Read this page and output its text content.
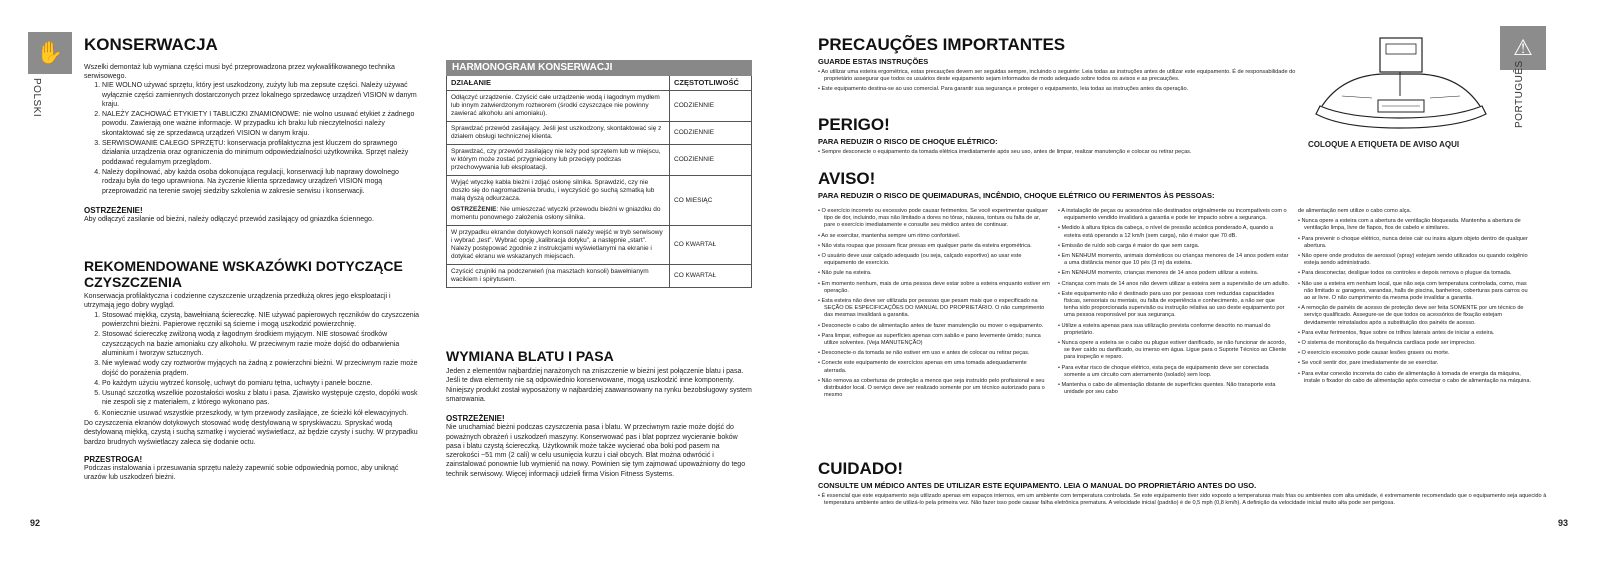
✋
POLSKI
KONSERWACJA

Wszelki demontaż lub wymiana części musi być przeprowadzona przez wykwalifikowanego technika serwisowego.

1. NIE WOLNO używać sprzętu, który jest uszkodzony, zużyty lub ma zepsute części. Należy używać wyłącznie części zamiennych dostarczonych przez lokalnego sprzedawcę urządzeń VISION w danym kraju.
2. NALEŻY ZACHOWAĆ ETYKIETY I TABLICZKI ZNAMIONOWE: nie wolno usuwać etykiet z żadnego powodu. Zawierają one ważne informacje. W przypadku ich braku lub nieczytelności należy skontaktować się ze sprzedawcą urządzeń VISION w danym kraju.
3. SERWISOWANIE CAŁEGO SPRZĘTU: konserwacja profilaktyczna jest kluczem do sprawnego działania urządzenia oraz ograniczenia do minimum odpowiedzialności użytkownika. Sprzęt należy poddawać regularnym przeglądom.
4. Należy dopilnować, aby każda osoba dokonująca regulacji, konserwacji lub naprawy dowolnego rodzaju była do tego uprawniona. Na życzenie klienta sprzedawcy urządzeń VISION mogą przeprowadzić na terenie swojej siedziby szkolenia w zakresie serwisu i konserwacji.
OSTRZEŻENIE!

Aby odłączyć zasilanie od bieżni, należy odłączyć przewód zasilający od gniazdka ściennego.

REKOMENDOWANE WSKAZÓWKI DOTYCZĄCE CZYSZCZENIA

Konserwacja profilaktyczna i codzienne czyszczenie urządzenia przedłużą okres jego eksploatacji i utrzymają jego dobry wygląd.

1. Stosować miękką, czystą, bawełnianą ściereczkę. NIE używać papierowych ręczników do czyszczenia powierzchni bieżni. Papierowe ręczniki są ścierne i mogą uszkodzić powierzchnię.
2. Stosować ściereczkę zwilżoną wodą z łagodnym środkiem myjącym. NIE stosować środków czyszczących na bazie amoniaku czy alkoholu. W przeciwnym razie może dojść do odbarwienia aluminium i tworzyw sztucznych.
3. Nie wylewać wody czy roztworów myjących na żadną z powierzchni bieżni. W przeciwnym razie może dojść do porażenia prądem.
4. Po każdym użyciu wytrzeć konsolę, uchwyt do pomiaru tętna, uchwyty i panele boczne.
5. Usunąć szczotką wszelkie pozostałości wosku z blatu i pasa. Zjawisko występuje często, dopóki wosk nie zespoli się z materiałem, z którego wykonano pas.
6. Koniecznie usuwać wszystkie przeszkody, w tym przewody zasilające, ze ścieżki kół elewacyjnych.

Do czyszczenia ekranów dotykowych stosować wodę destylowaną w spryskiwaczu. Spryskać wodą destylowaną miękką, czystą i suchą szmatkę i wycierać wyświetlacz, aż będzie czysty i suchy. W przypadku bardzo brudnych wyświetlaczy zaleca się dodanie octu.

PRZESTROGA!

Podczas instalowania i przesuwania sprzętu należy zapewnić sobie odpowiednią pomoc, aby uniknąć urazów lub uszkodzeń bieżni.

HARMONOGRAM KONSERWACJI	
DZIAŁANIE	CZĘSTOTLIWOŚĆ
Odłączyć urządzenie. Czyścić całe urządzenie wodą i łagodnym mydłem lub innym zatwierdzonym roztworem (środki czyszczące nie powinny zawierać alkoholu ani amoniaku).	CODZIENNIE
Sprawdzać przewód zasilający. Jeśli jest uszkodzony, skontaktować się z działem obsługi technicznej klienta.	CODZIENNIE
Sprawdzać, czy przewód zasilający nie leży pod sprzętem lub w miejscu, w którym może zostać przygnieciony lub przecięty podczas przechowywania lub eksploatacji.	CODZIENNIE

Wyjąć wtyczkę kabla bieżni i zdjąć osłonę silnika. Sprawdzić, czy nie doszło się do nagromadzenia brudu, i wyczyścić go suchą szmatką lub małą dyszą odkurzacza.
OSTRZEŻENIE: Nie umieszczać wtyczki przewodu bieżni w gniazdku do momentu ponownego założenia osłony silnika.	CO MIESIĄC
W przypadku ekranów dotykowych konsoli należy wejść w tryb serwisowy i wybrać „test”. Wybrać opcję „kalibracja dotyku”, a następnie „start”. Należy postępować zgodnie z instrukcjami wyświetlanymi na ekranie i dotykać ekranu we wskazanych miejscach.	CO KWARTAŁ
Czyścić czujniki na podczerwień (na masztach konsoli) bawełnianym wacikiem i spirytusem.	CO KWARTAŁ
WYMIANA BLATU I PASA

Jeden z elementów najbardziej narażonych na zniszczenie w bieżni jest połączenie blatu i pasa. Jeśli te dwa elementy nie są odpowiednio konserwowane, mogą uszkodzić inne komponenty. Niniejszy produkt został wyposażony w najbardziej zaawansowany na rynku bezobsługowy system smarowania.

OSTRZEŻENIE!

Nie uruchamiać bieżni podczas czyszczenia pasa i blatu. W przeciwnym razie może dojść do poważnych obrażeń i uszkodzeń maszyny. Konserwować pas i blat poprzez wycieranie boków pasa i blatu czystą ściereczką. Użytkownik może także wycierać oba boki pod pasem na szerokości ~51 mm (2 cali) w celu usunięcia kurzu i ciał obcych. Blat można odwrócić i zainstalować ponownie lub wymienić na nowy. Powinien się tym zajmować upoważniony do tego technik serwisowy. Więcej informacji udzieli firma Vision Fitness Systems.

92
⚠
PORTUGUÊS
PRECAUÇÕES IMPORTANTES
GUARDE ESTAS INSTRUÇÕES
• Ao utilizar uma esteira ergométrica, estas precauções devem ser seguidas sempre, incluindo o seguinte: Leia todas as instruções antes de utilizar este equipamento. É de responsabilidade do proprietário assegurar que todos os usuários deste equipamento sejam informados de modo adequado sobre todos os avisos e as precauções.
• Este equipamento destina-se ao uso comercial. Para garantir sua segurança e proteger o equipamento, leia todas as instruções antes da operação.
COLOQUE A ETIQUETA DE AVISO AQUI
PERIGO!
PARA REDUZIR O RISCO DE CHOQUE ELÉTRICO:
• Sempre desconecte o equipamento da tomada elétrica imediatamente após seu uso, antes de limpar, realizar manutenção e colocar ou retirar peças.
AVISO!
PARA REDUZIR O RISCO DE QUEIMADURAS, INCÊNDIO, CHOQUE ELÉTRICO OU FERIMENTOS ÀS PESSOAS:
• O exercício incorreto ou excessivo pode causar ferimentos. Se você experimentar qualquer tipo de dor, incluindo, mas não limitado a dores no tórax, náusea, tontura ou falta de ar, pare o exercício imediatamente e consulte seu médico antes de continuar.
• Ao se exercitar, mantenha sempre um ritmo confortável.
• Não vista roupas que possam ficar presas em qualquer parte da esteira ergométrica.
• O usuário deve usar calçado adequado (ou seja, calçado esportivo) ao usar este equipamento de exercício.
• Não pule na esteira.
• Em momento nenhum, mais de uma pessoa deve estar sobre a esteira enquanto estiver em operação.
• Esta esteira não deve ser utilizada por pessoas que pesam mais que o especificado na SEÇÃO DE ESPECIFICAÇÕES DO MANUAL DO PROPRIETÁRIO. O não cumprimento das mesmas invalidará a garantia.
• Desconecte o cabo de alimentação antes de fazer manutenção ou mover o equipamento.
• Para limpar, esfregue as superfícies apenas com sabão e pano levemente úmido; nunca utilize solventes. (Veja MANUTENÇÃO)
• Desconecte-o da tomada se não estiver em uso e antes de colocar ou retirar peças.
• Conecte este equipamento de exercícios apenas em uma tomada adequadamente aterrada.
• Não remova as coberturas de proteção a menos que seja instruído pelo profissional e seu distribuidor local. O serviço deve ser realizado somente por um técnico autorizado para o mesmo
• A instalação de peças ou acessórios não destinados originalmente ou incompatíveis com o equipamento vendido invalidará a garantia e pode ter impacto sobre a segurança.
• Medido à altura típica da cabeça, o nível de pressão acústica ponderado A, quando a esteira está operando a 12 km/h (sem carga), não é maior que 70 dB.
• Emissão de ruído sob carga é maior do que sem carga.
• Em NENHUM momento, animais domésticos ou crianças menores de 14 anos podem estar a uma distância menor que 10 pés (3 m) da esteira.
• Em NENHUM momento, crianças menores de 14 anos podem utilizar a esteira.
• Crianças com mais de 14 anos não devem utilizar a esteira sem a supervisão de um adulto.
• Este equipamento não é destinado para uso por pessoas com reduzidas capacidades físicas, sensoriais ou mentais, ou falta de experiência e conhecimento, a não ser que tenha sido proporcionada supervisão ou instrução relativa ao uso deste equipamento por uma pessoa responsável por sua segurança.
• Utilize a esteira apenas para sua utilização prevista conforme descrito no manual do proprietário.
• Nunca opere a esteira se o cabo ou plugue estiver danificado, se não funcionar de acordo, se tiver caído ou danificado, ou imerso em água. Ligue para o Suporte Técnico ao Cliente para inspeção e reparo.
• Para evitar risco de choque elétrico, esta peça de equipamento deve ser conectada somente a um circuito com aterramento (isolado) sem loop.
• Mantenha o cabo de alimentação distante de superfícies quentes. Não transporte esta unidade por seu cabo
de alimentação nem utilize o cabo como alça.
• Nunca opere a esteira com a abertura de ventilação bloqueada. Mantenha a abertura de ventilação limpa, livre de fiapos, fios de cabelo e similares.
• Para prevenir o choque elétrico, nunca deixe cair ou insira algum objeto dentro de qualquer abertura.
• Não opere onde produtos de aerossol (spray) estejam sendo utilizados ou quando oxigênio esteja sendo administrado.
• Para desconectar, desligue todos os controles e depois remova o plugue da tomada.
• Não use a esteira em nenhum local, que não seja com temperatura controlada, como, mas não limitado a: garagens, varandas, halls de piscina, banheiros, coberturas para carros ou ao ar livre. O não cumprimento da mesma pode invalidar a garantia.
• A remoção de painéis de acesso de proteção deve ser feita SOMENTE por um técnico de serviço qualificado. Assegure-se de que todos os acessórios de fixação estejam devidamente reinstalados após a substituição dos painéis de acesso.
• Para evitar ferimentos, fique sobre os trilhos laterais antes de iniciar a esteira.
• O sistema de monitoração da frequência cardíaca pode ser impreciso.
• O exercício excessivo pode causar lesões graves ou morte.
• Se você sentir dor, pare imediatamente de se exercitar.
• Para evitar conexão incorreta do cabo de alimentação à tomada de energia da máquina, instale o fixador do cabo de alimentação após conectar o cabo de alimentação na máquina.
CUIDADO!
CONSULTE UM MÉDICO ANTES DE UTILIZAR ESTE EQUIPAMENTO. LEIA O MANUAL DO PROPRIETÁRIO ANTES DO USO.
• É essencial que este equipamento seja utilizado apenas em espaços internos, em um ambiente com temperatura controlada. Se este equipamento tiver sido exposto a temperaturas mais frias ou ambientes com alta umidade, é extremamente recomendado que o equipamento seja aquecido à temperatura ambiente antes de utilizá-lo pela primeira vez. Não fazer isso pode causar falha eletrônica prematura. A velocidade inicial (padrão) é de 0,5 mph (0,8 km/h). A definição da velocidade inicial muito alta pode ser perigosa.
93
